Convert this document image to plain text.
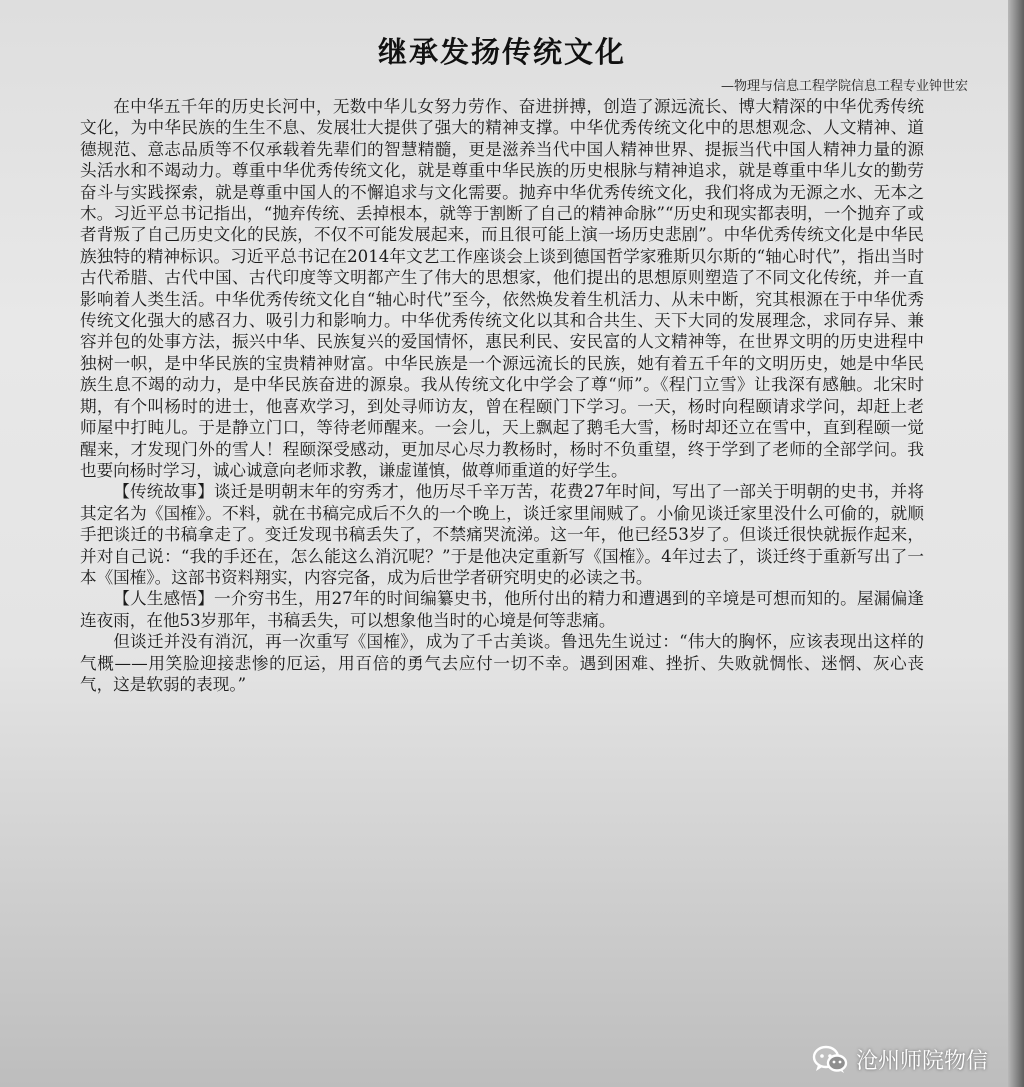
继承发扬传统文化
—物理与信息工程学院信息工程专业钟世宏

在中华五千年的历史长河中，无数中华儿女努力劳作、奋进拼搏，创造了源远流长、博大精深的中华优秀传统文化，为中华民族的生生不息、发展壮大提供了强大的精神支撑。中华优秀传统文化中的思想观念、人文精神、道德规范、意志品质等不仅承载着先辈们的智慧精髓，更是滋养当代中国人精神世界、提振当代中国人精神力量的源头活水和不竭动力。尊重中华优秀传统文化，就是尊重中华民族的历史根脉与精神追求，就是尊重中华儿女的勤劳奋斗与实践探索，就是尊重中国人的不懈追求与文化需要。抛弃中华优秀传统文化，我们将成为无源之水、无本之木。习近平总书记指出，“抛弃传统、丢掉根本，就等于割断了自己的精神命脉”“历史和现实都表明，一个抛弃了或者背叛了自己历史文化的民族，不仅不可能发展起来，而且很可能上演一场历史悲剧”。中华优秀传统文化是中华民族独特的精神标识。习近平总书记在2014年文艺工作座谈会上谈到德国哲学家雅斯贝尔斯的“轴心时代”，指出当时古代希腊、古代中国、古代印度等文明都产生了伟大的思想家，他们提出的思想原则塑造了不同文化传统，并一直影响着人类生活。中华优秀传统文化自“轴心时代”至今，依然焕发着生机活力、从未中断，究其根源在于中华优秀传统文化强大的感召力、吸引力和影响力。中华优秀传统文化以其和合共生、天下大同的发展理念，求同存异、兼容并包的处事方法，振兴中华、民族复兴的爱国情怀，惠民利民、安民富的人文精神等，在世界文明的历史进程中独树一帜，是中华民族的宝贵精神财富。中华民族是一个源远流长的民族，她有着五千年的文明历史，她是中华民族生息不竭的动力，是中华民族奋进的源泉。我从传统文化中学会了尊“师”。《程门立雪》让我深有感触。北宋时期，有个叫杨时的进士，他喜欢学习，到处寻师访友，曾在程颐门下学习。一天，杨时向程颐请求学问，却赶上老师屋中打盹儿。于是静立门口，等待老师醒来。一会儿，天上飘起了鹅毛大雪，杨时却还立在雪中，直到程颐一觉醒来，才发现门外的雪人！程颐深受感动，更加尽心尽力教杨时，杨时不负重望，终于学到了老师的全部学问。我也要向杨时学习，诚心诚意向老师求教，谦虚谨慎，做尊师重道的好学生。

【传统故事】谈迁是明朝末年的穷秀才，他历尽千辛万苦，花费27年时间，写出了一部关于明朝的史书，并将其定名为《国榷》。不料，就在书稿完成后不久的一个晚上，谈迁家里闹贼了。小偷见谈迁家里没什么可偷的，就顺手把谈迁的书稿拿走了。变迁发现书稿丢失了，不禁痛哭流涕。这一年，他已经53岁了。但谈迁很快就振作起来，并对自己说：“我的手还在，怎么能这么消沉呢？”于是他决定重新写《国榷》。4年过去了，谈迁终于重新写出了一本《国榷》。这部书资料翔实，内容完备，成为后世学者研究明史的必读之书。

【人生感悟】一介穷书生，用27年的时间编纂史书，他所付出的精力和遭遇到的辛境是可想而知的。屋漏偏逢连夜雨，在他53岁那年，书稿丢失，可以想象他当时的心境是何等悲痛。

但谈迁并没有消沉，再一次重写《国榷》，成为了千古美谈。鲁迅先生说过：“伟大的胸怀，应该表现出这样的气概——用笑脸迎接悲惨的厄运，用百倍的勇气去应付一切不幸。遇到困难、挫折、失败就惆怅、迷惘、灰心丧气，这是软弱的表现。”

沧州师院物信
